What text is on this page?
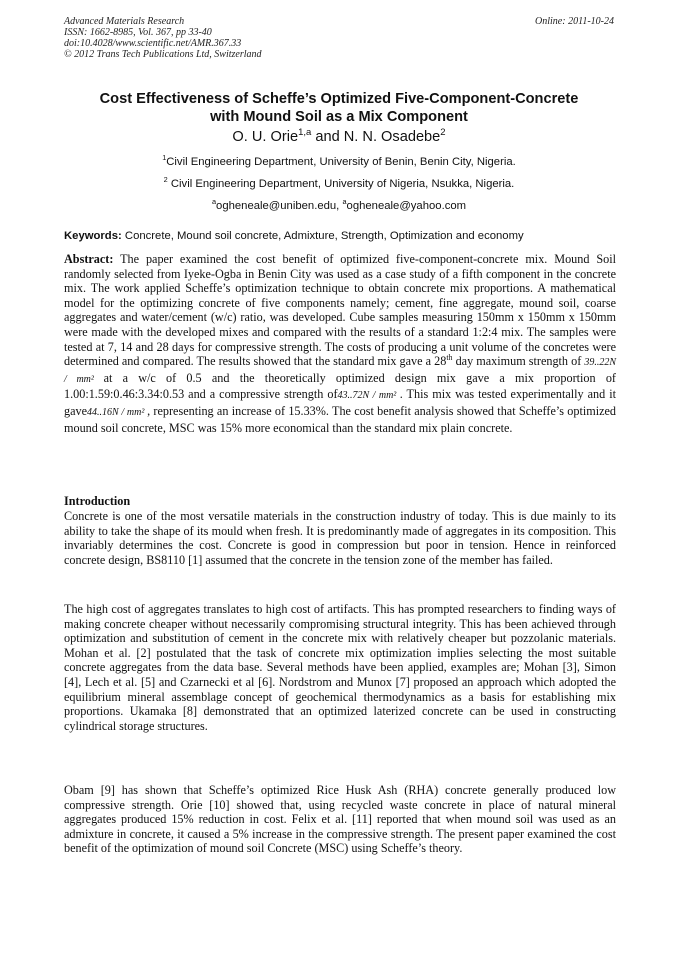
Advanced Materials Research
ISSN: 1662-8985, Vol. 367, pp 33-40
doi:10.4028/www.scientific.net/AMR.367.33
© 2012 Trans Tech Publications Ltd, Switzerland
Online: 2011-10-24
Cost Effectiveness of Scheffe’s Optimized Five-Component-Concrete
with Mound Soil as a Mix Component
O. U. Orie$^{1,a}$ and N. N. Osadebe$^2$
$^1$Civil Engineering Department, University of Benin, Benin City, Nigeria.
$^2$ Civil Engineering Department, University of Nigeria, Nsukka, Nigeria.
$^a$ogheneale@uniben.edu, $^a$ogheneale@yahoo.com
Keywords: Concrete, Mound soil concrete, Admixture, Strength, Optimization and economy

Abstract: The paper examined the cost benefit of optimized five-component-concrete mix. Mound Soil randomly selected from Iyeke-Ogba in Benin City was used as a case study of a fifth component in the concrete mix. The work applied Scheffe’s optimization technique to obtain concrete mix proportions. A mathematical model for the optimizing concrete of five components namely; cement, fine aggregate, mound soil, coarse aggregates and water/cement (w/c) ratio, was developed. Cube samples measuring 150mm x 150mm x 150mm were made with the developed mixes and compared with the results of a standard 1:2:4 mix. The samples were tested at 7, 14 and 28 days for compressive strength. The costs of producing a unit volume of the concretes were determined and compared. The results showed that the standard mix gave a 28th day maximum strength of 39..22N / mm² at a w/c of 0.5 and the theoretically optimized design mix gave a mix proportion of 1.00:1.59:0.46:3.34:0.53 and a compressive strength of43..72N / mm² . This mix was tested experimentally and it gave44..16N / mm² , representing an increase of 15.33%. The cost benefit analysis showed that Scheffe’s optimized mound soil concrete, MSC was 15% more economical than the standard mix plain concrete.

Introduction

Concrete is one of the most versatile materials in the construction industry of today. This is due mainly to its ability to take the shape of its mould when fresh. It is predominantly made of aggregates in its composition. This invariably determines the cost. Concrete is good in compression but poor in tension. Hence in reinforced concrete design, BS8110 [1] assumed that the concrete in the tension zone of the member has failed.

The high cost of aggregates translates to high cost of artifacts. This has prompted researchers to finding ways of making concrete cheaper without necessarily compromising structural integrity. This has been achieved through optimization and substitution of cement in the concrete mix with relatively cheaper but pozzolanic materials. Mohan et al. [2] postulated that the task of concrete mix optimization implies selecting the most suitable concrete aggregates from the data base. Several methods have been applied, examples are; Mohan [3], Simon [4], Lech et al. [5] and Czarnecki et al [6]. Nordstrom and Munox [7] proposed an approach which adopted the equilibrium mineral assemblage concept of geochemical thermodynamics as a basis for establishing mix proportions. Ukamaka [8] demonstrated that an optimized laterized concrete can be used in constructing cylindrical storage structures.

Obam [9] has shown that Scheffe’s optimized Rice Husk Ash (RHA) concrete generally produced low compressive strength. Orie [10] showed that, using recycled waste concrete in place of natural mineral aggregates produced 15% reduction in cost. Felix et al. [11] reported that when mound soil was used as an admixture in concrete, it caused a 5% increase in the compressive strength. The present paper examined the cost benefit of the optimization of mound soil Concrete (MSC) using Scheffe’s theory.
